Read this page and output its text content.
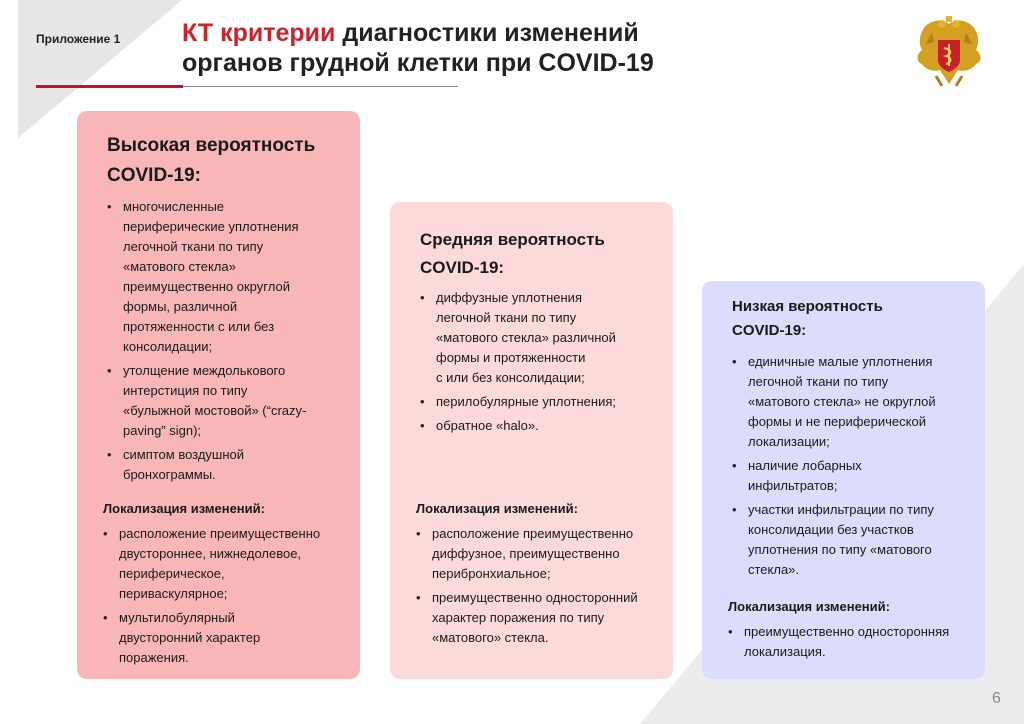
Приложение 1 КТ критерии диагностики изменений
органов грудной клетки при COVID-19
Высокая вероятность
COVID-19:
• многочисленные
периферические уплотнения
легочной ткани по типу
«матового стекла»
преимущественно округлой
формы, различной
протяженности с или без
консолидации;
• утолщение междолькового
интерстиция по типу
«булыжной мостовой» (“crazy-
paving” sign);
• симптом воздушной
бронхограммы.
Локализация изменений:
• расположение преимущественно
двустороннее, нижнедолевое,
периферическое,
периваскулярное;
• мультилобулярный
двусторонний характер
поражения.
Средняя вероятность
COVID-19:
• диффузные уплотнения
легочной ткани по типу
«матового стекла» различной
формы и протяженности
с или без консолидации;
• перилобулярные уплотнения;
• обратное «halo».
Локализация изменений:
• расположение преимущественно
диффузное, преимущественно
перибронхиальное;
• преимущественно односторонний
характер поражения по типу
«матового» стекла.
Низкая вероятность
COVID-19:
• единичные малые уплотнения
легочной ткани по типу
«матового стекла» не округлой
формы и не периферической
локализации;
• наличие лобарных
инфильтратов;
• участки инфильтрации по типу
консолидации без участков
уплотнения по типу «матового
стекла».
Локализация изменений:
• преимущественно односторонняя
локализация.
6
